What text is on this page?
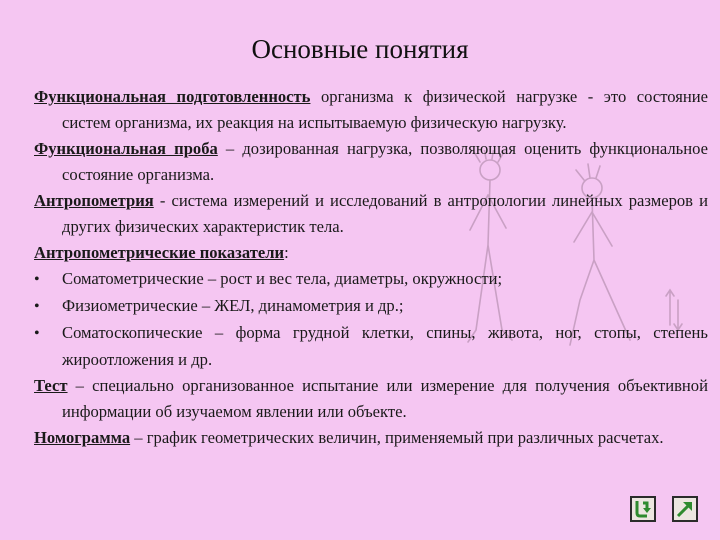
Основные понятия

Функциональная подготовленность организма к физической нагрузке - это состояние систем организма, их реакция на испытываемую физическую нагрузку.

Функциональная проба – дозированная нагрузка, позволяющая оценить функциональное состояние организма.

Антропометрия - система измерений и исследований в антропологии линейных размеров и других физических характеристик тела.

Антропометрические показатели:

•Соматометрические – рост и вес тела, диаметры, окружности;

•Физиометрические – ЖЕЛ, динамометрия и др.;

•Соматоскопические – форма грудной клетки, спины, живота, ног, стопы, степень жироотложения и др.

Тест – специально организованное испытание или измерение для получения объективной информации об изучаемом явлении или объекте.

Номограмма – график геометрических величин, применяемый при различных расчетах.
